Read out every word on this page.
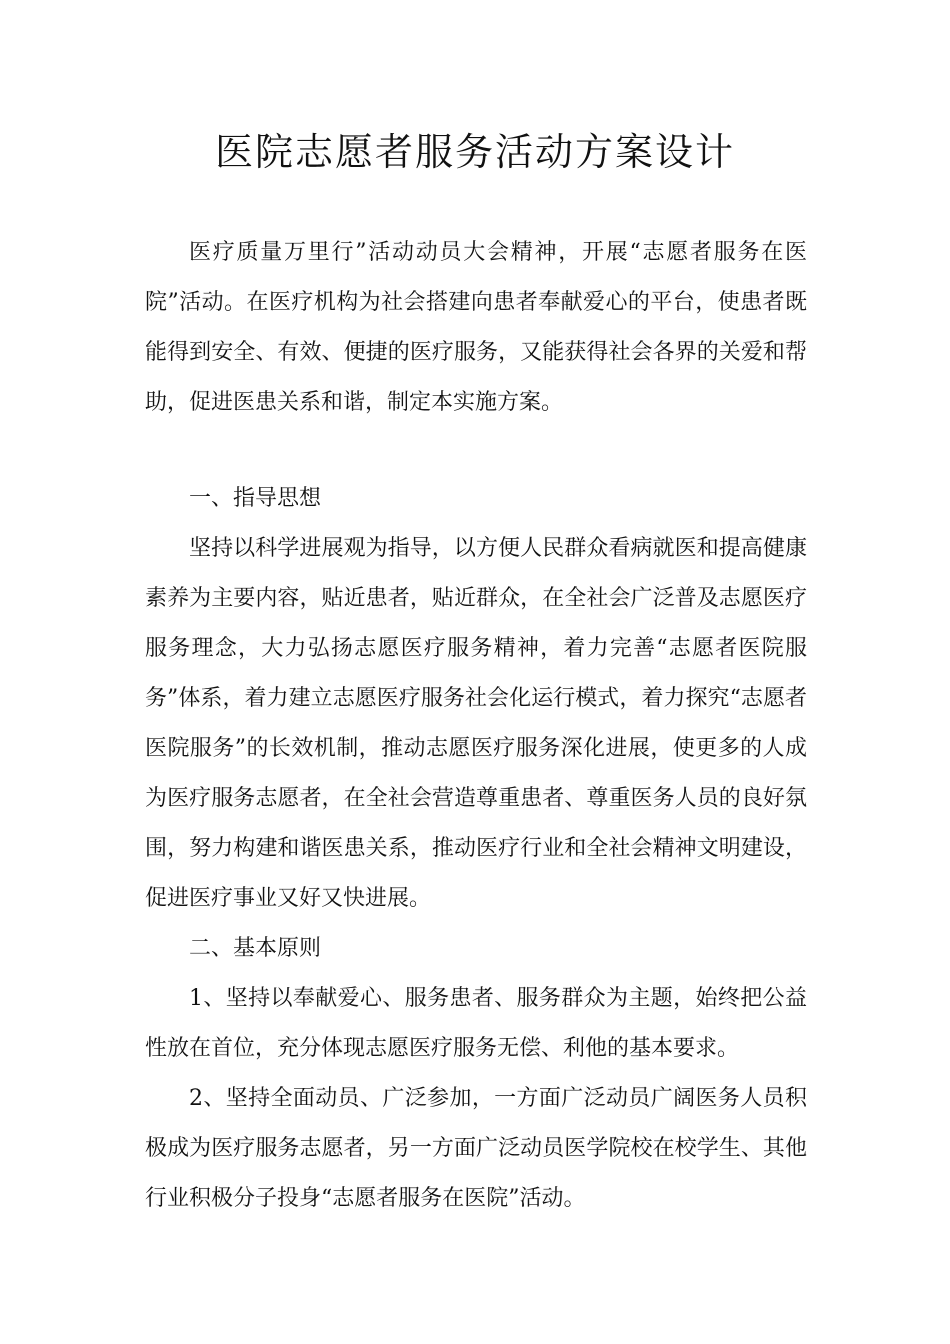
医院志愿者服务活动方案设计

医疗质量万里行”活动动员大会精神，开展“志愿者服务在医院”活动。在医疗机构为社会搭建向患者奉献爱心的平台，使患者既能得到安全、有效、便捷的医疗服务，又能获得社会各界的关爱和帮助，促进医患关系和谐，制定本实施方案。

一、指导思想

坚持以科学进展观为指导，以方便人民群众看病就医和提高健康素养为主要内容，贴近患者，贴近群众，在全社会广泛普及志愿医疗服务理念，大力弘扬志愿医疗服务精神，着力完善“志愿者医院服务”体系，着力建立志愿医疗服务社会化运行模式，着力探究“志愿者医院服务”的长效机制，推动志愿医疗服务深化进展，使更多的人成为医疗服务志愿者，在全社会营造尊重患者、尊重医务人员的良好氛围，努力构建和谐医患关系，推动医疗行业和全社会精神文明建设，促进医疗事业又好又快进展。

二、基本原则

1、坚持以奉献爱心、服务患者、服务群众为主题，始终把公益性放在首位，充分体现志愿医疗服务无偿、利他的基本要求。

2、坚持全面动员、广泛参加，一方面广泛动员广阔医务人员积极成为医疗服务志愿者，另一方面广泛动员医学院校在校学生、其他行业积极分子投身“志愿者服务在医院”活动。
